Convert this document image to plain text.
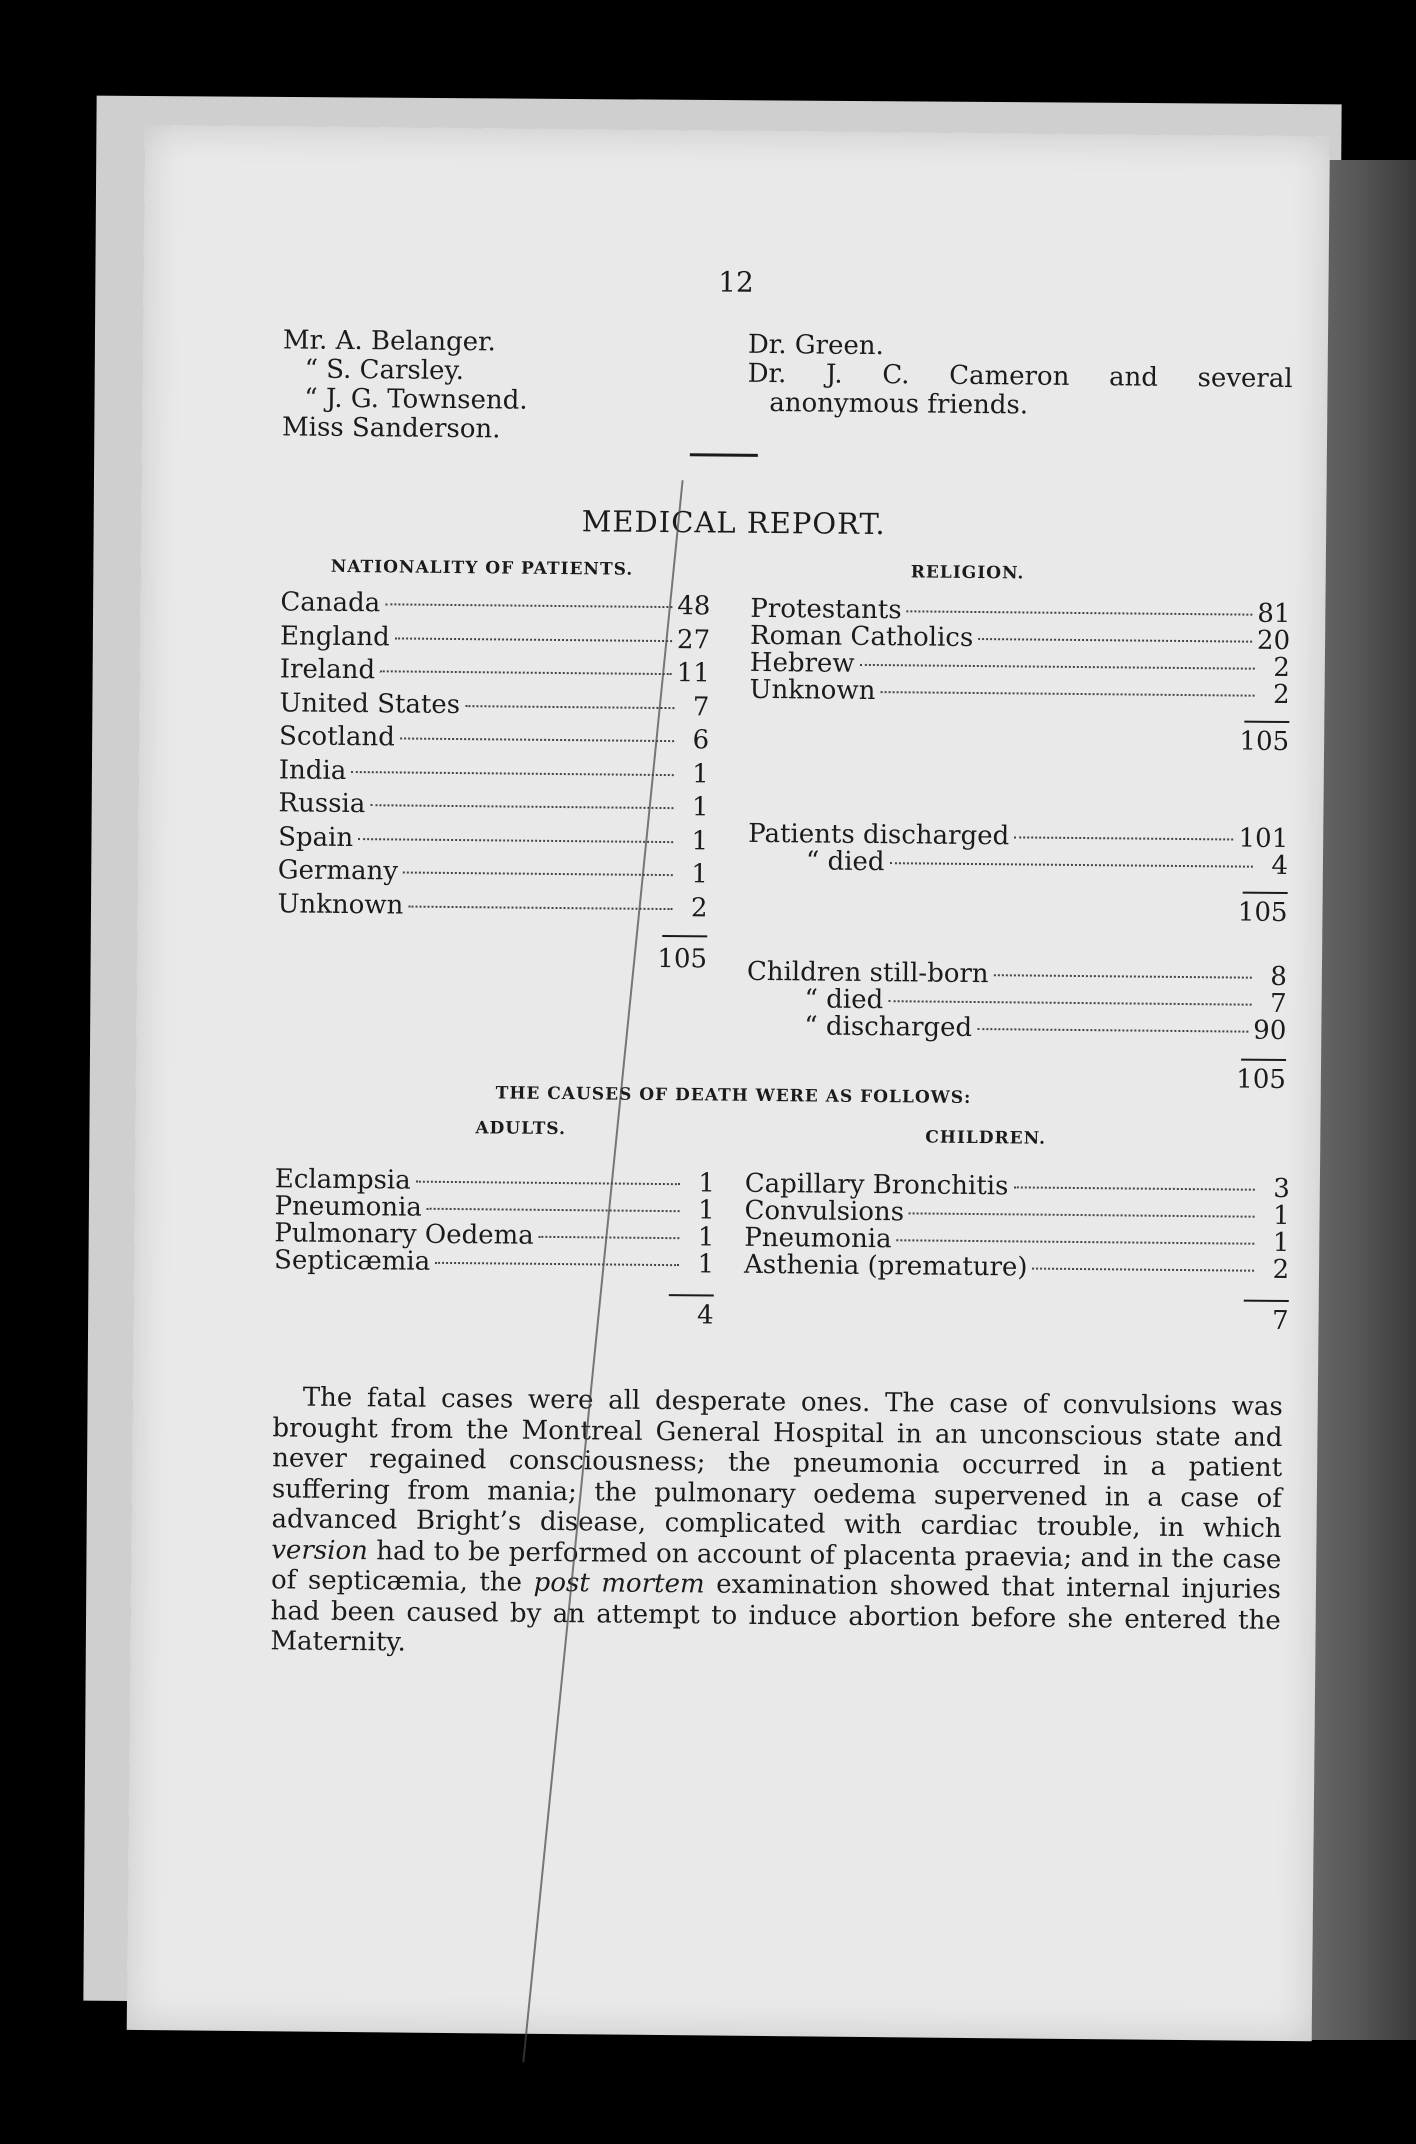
12
Mr. A. Belanger.
“ S. Carsley.
“ J. G. Townsend.
Miss Sanderson.
Dr. Green.
Dr. J. C. Cameron and several
anonymous friends.
MEDICAL REPORT.
NATIONALITY OF PATIENTS.
Canada	48
England	27
Ireland	11
United States	7
Scotland	6
India	1
Russia	1
Spain	1
Germany	1
Unknown	2
105
RELIGION.
Protestants	81
Roman Catholics	20
Hebrew	2
Unknown	2
105
Patients discharged	101
“ died	4
105
Children still-born	8
“ died	7
“ discharged	90
105
THE CAUSES OF DEATH WERE AS FOLLOWS:
ADULTS.	CHILDREN.
Eclampsia	1
Pneumonia	1
Pulmonary Oedema	1
Septicæmia	1
4
Capillary Bronchitis	3
Convulsions	1
Pneumonia	1
Asthenia (premature)	2
7

The fatal cases were all desperate ones. The case of convulsions was brought from the Montreal General Hospital in an unconscious state and never regained consciousness; the pneumonia occurred in a patient suffering from mania; the pulmonary oedema supervened in a case of advanced Bright’s disease, complicated with cardiac trouble, in which version had to be performed on account of placenta praevia; and in the case of septicæmia, the post mortem examination showed that internal injuries had been caused by an attempt to induce abortion before she entered the Maternity.
